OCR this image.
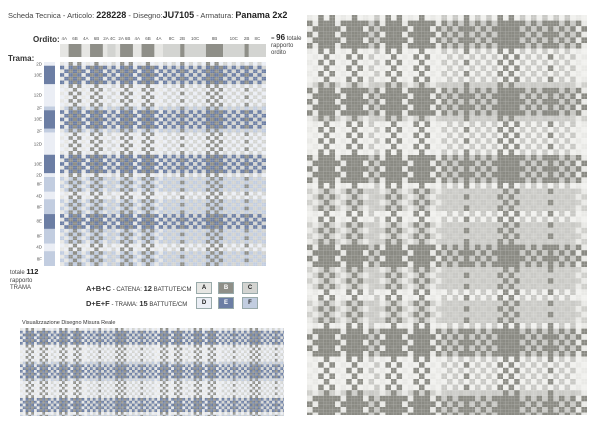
Scheda Tecnica - Articolo: 228228 - Disegno:JU7105 - Armatura: Panama 2x2
Ordito: 4A 6B 4A 6B 2A 4C 2A 6B 4A 6B 4A 8C 2B 10C	8B	10C 2B 8C = 96 totale
rapporto
ordito
Trama:
2D
10E
12D
2F
10E
2F
12D
10E
2D
8F
4D
8F
8E
8F
4D
8F
totale 112
rapporto
TRAMA	A+B+C - CATENA: 12 BATTUTE/CM
D+E+F - TRAMA: 15 BATTUTE/CM
A	B	C
D	E	F
Visualizzazione Disegno Misura Reale
